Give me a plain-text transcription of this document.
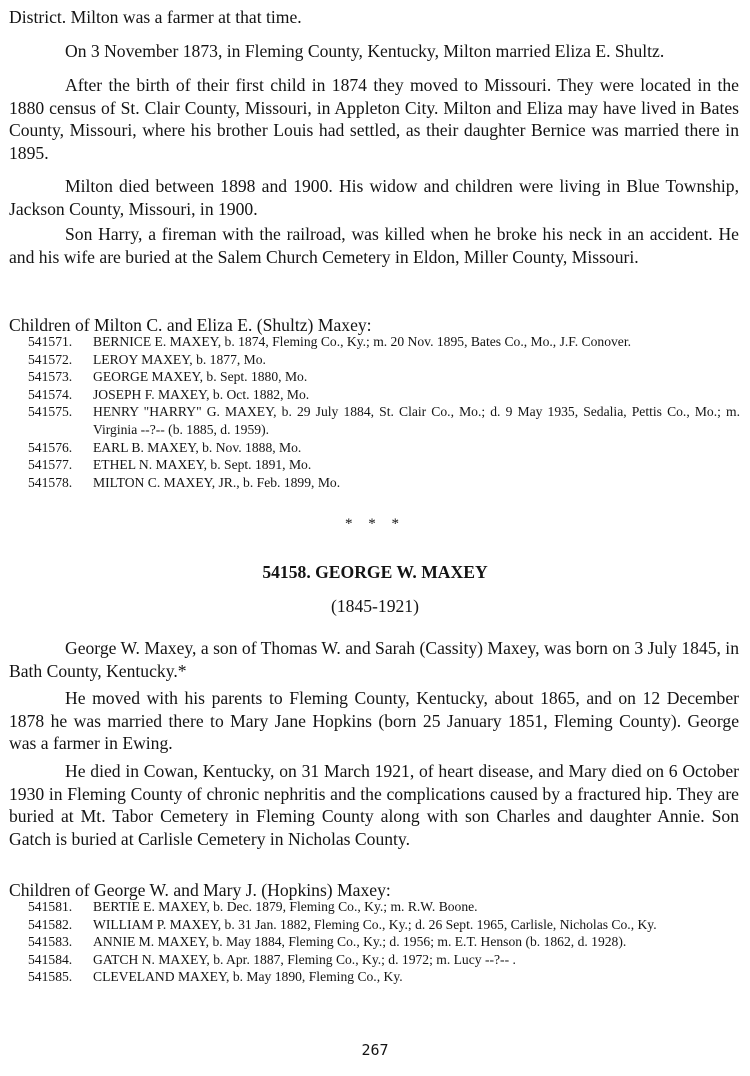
District. Milton was a farmer at that time.

On 3 November 1873, in Fleming County, Kentucky, Milton married Eliza E. Shultz.

After the birth of their first child in 1874 they moved to Missouri. They were located in the 1880 census of St. Clair County, Missouri, in Appleton City. Milton and Eliza may have lived in Bates County, Missouri, where his brother Louis had settled, as their daughter Bernice was married there in 1895.

Milton died between 1898 and 1900. His widow and children were living in Blue Township, Jackson County, Missouri, in 1900.

Son Harry, a fireman with the railroad, was killed when he broke his neck in an accident. He and his wife are buried at the Salem Church Cemetery in Eldon, Miller County, Missouri.

Children of Milton C. and Eliza E. (Shultz) Maxey:

541571.	BERNICE E. MAXEY, b. 1874, Fleming Co., Ky.; m. 20 Nov. 1895, Bates Co., Mo., J.F. Conover.
541572.	LEROY MAXEY, b. 1877, Mo.
541573.	GEORGE MAXEY, b. Sept. 1880, Mo.
541574.	JOSEPH F. MAXEY, b. Oct. 1882, Mo.
541575.	HENRY "HARRY" G. MAXEY, b. 29 July 1884, St. Clair Co., Mo.; d. 9 May 1935, Sedalia, Pettis Co., Mo.; m. Virginia --?-- (b. 1885, d. 1959).
541576.	EARL B. MAXEY, b. Nov. 1888, Mo.
541577.	ETHEL N. MAXEY, b. Sept. 1891, Mo.
541578.	MILTON C. MAXEY, JR., b. Feb. 1899, Mo.

* * *

54158. GEORGE W. MAXEY

(1845-1921)

George W. Maxey, a son of Thomas W. and Sarah (Cassity) Maxey, was born on 3 July 1845, in Bath County, Kentucky.*

He moved with his parents to Fleming County, Kentucky, about 1865, and on 12 December 1878 he was married there to Mary Jane Hopkins (born 25 January 1851, Fleming County). George was a farmer in Ewing.

He died in Cowan, Kentucky, on 31 March 1921, of heart disease, and Mary died on 6 October 1930 in Fleming County of chronic nephritis and the complications caused by a fractured hip. They are buried at Mt. Tabor Cemetery in Fleming County along with son Charles and daughter Annie. Son Gatch is buried at Carlisle Cemetery in Nicholas County.

Children of George W. and Mary J. (Hopkins) Maxey:

541581.	BERTIE E. MAXEY, b. Dec. 1879, Fleming Co., Ky.; m. R.W. Boone.
541582.	WILLIAM P. MAXEY, b. 31 Jan. 1882, Fleming Co., Ky.; d. 26 Sept. 1965, Carlisle, Nicholas Co., Ky.
541583.	ANNIE M. MAXEY, b. May 1884, Fleming Co., Ky.; d. 1956; m. E.T. Henson (b. 1862, d. 1928).
541584.	GATCH N. MAXEY, b. Apr. 1887, Fleming Co., Ky.; d. 1972; m. Lucy --?-- .
541585.	CLEVELAND MAXEY, b. May 1890, Fleming Co., Ky.

267
